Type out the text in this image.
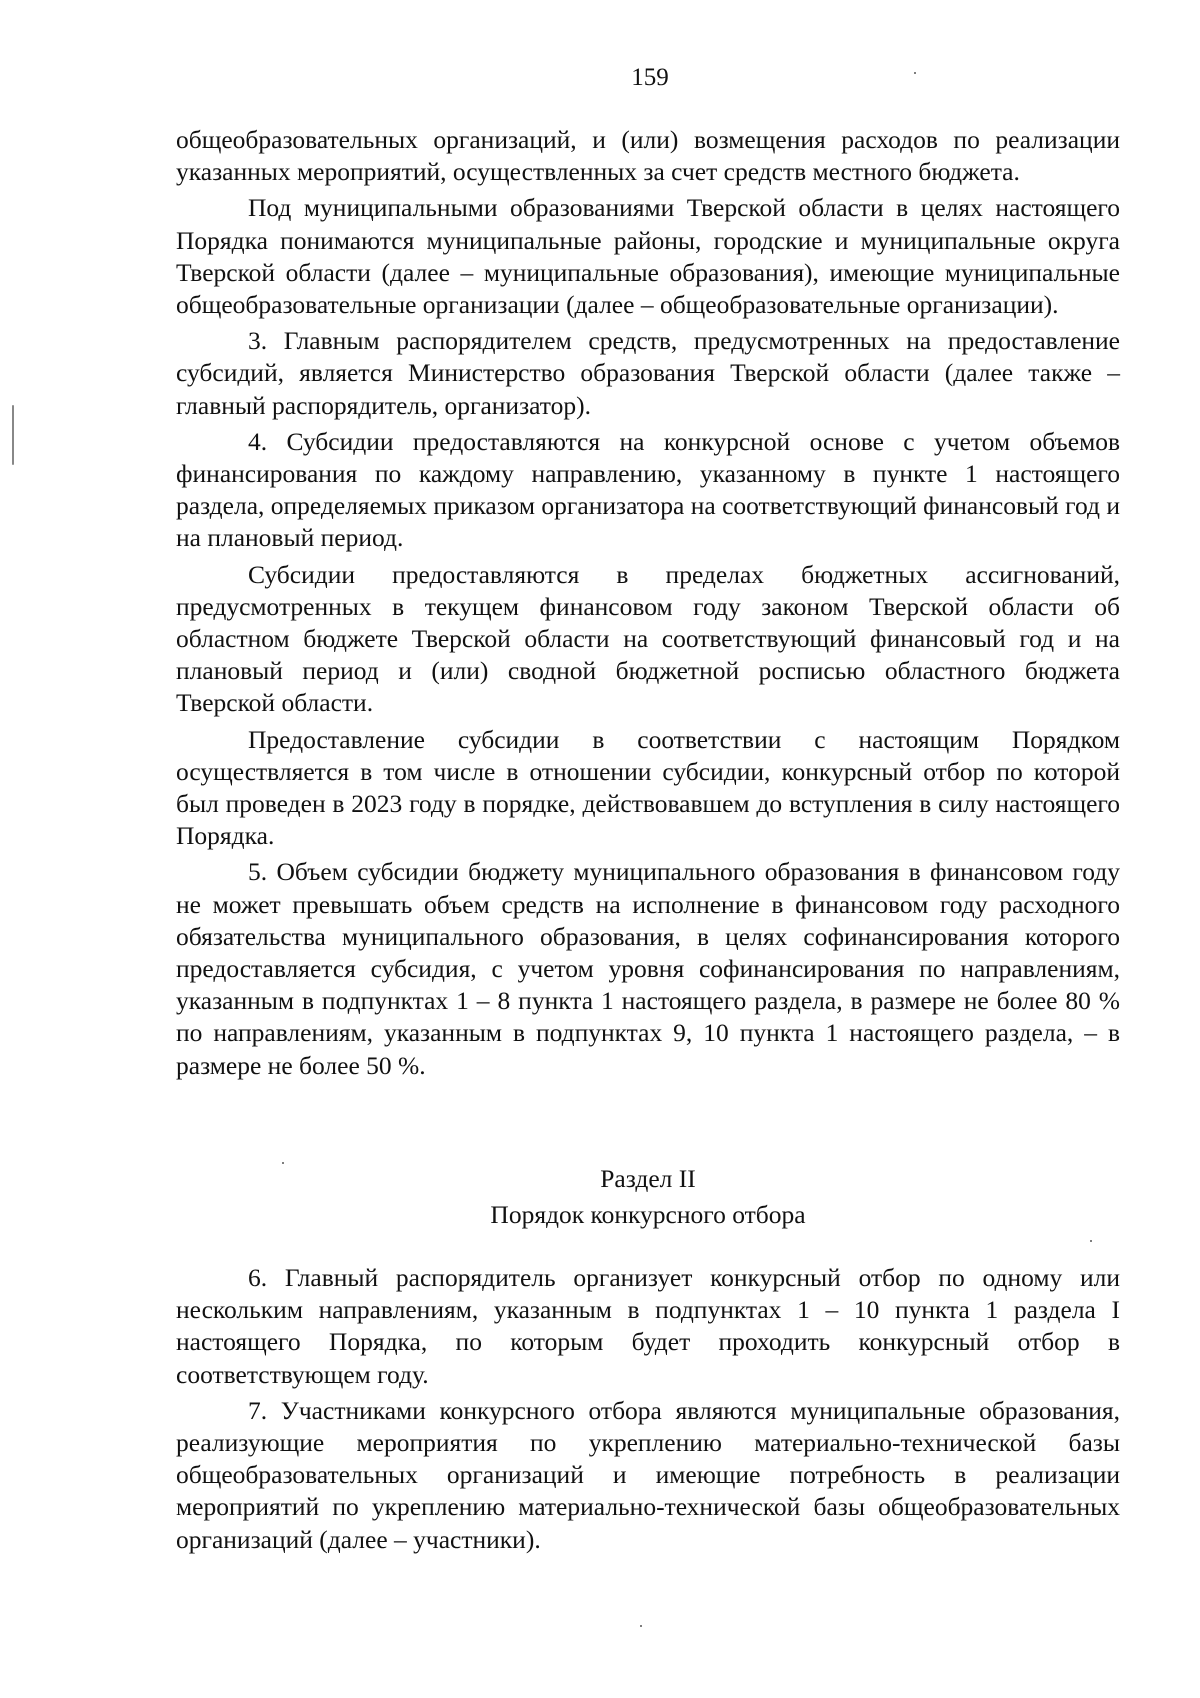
159

общеобразовательных организаций, и (или) возмещения расходов по реализации указанных мероприятий, осуществленных за счет средств местного бюджета.

Под муниципальными образованиями Тверской области в целях настоящего Порядка понимаются муниципальные районы, городские и муниципальные округа Тверской области (далее – муниципальные образования), имеющие муниципальные общеобразовательные организации (далее – общеобразовательные организации).

3. Главным распорядителем средств, предусмотренных на предоставление субсидий, является Министерство образования Тверской области (далее также – главный распорядитель, организатор).

4. Субсидии предоставляются на конкурсной основе с учетом объемов финансирования по каждому направлению, указанному в пункте 1 настоящего раздела, определяемых приказом организатора на соответствующий финансовый год и на плановый период.

Субсидии предоставляются в пределах бюджетных ассигнований, предусмотренных в текущем финансовом году законом Тверской области об областном бюджете Тверской области на соответствующий финансовый год и на плановый период и (или) сводной бюджетной росписью областного бюджета Тверской области.

Предоставление субсидии в соответствии с настоящим Порядком осуществляется в том числе в отношении субсидии, конкурсный отбор по которой был проведен в 2023 году в порядке, действовавшем до вступления в силу настоящего Порядка.

5. Объем субсидии бюджету муниципального образования в финансовом году не может превышать объем средств на исполнение в финансовом году расходного обязательства муниципального образования, в целях софинансирования которого предоставляется субсидия, с учетом уровня софинансирования по направлениям, указанным в подпунктах 1 – 8 пункта 1 настоящего раздела, в размере не более 80 % по направлениям, указанным в подпунктах 9, 10 пункта 1 настоящего раздела, – в размере не более 50 %.

Раздел II
Порядок конкурсного отбора

6. Главный распорядитель организует конкурсный отбор по одному или нескольким направлениям, указанным в подпунктах 1 – 10 пункта 1 раздела I настоящего Порядка, по которым будет проходить конкурсный отбор в соответствующем году.

7. Участниками конкурсного отбора являются муниципальные образования, реализующие мероприятия по укреплению материально-технической базы общеобразовательных организаций и имеющие потребность в реализации мероприятий по укреплению материально-технической базы общеобразовательных организаций (далее – участники).
